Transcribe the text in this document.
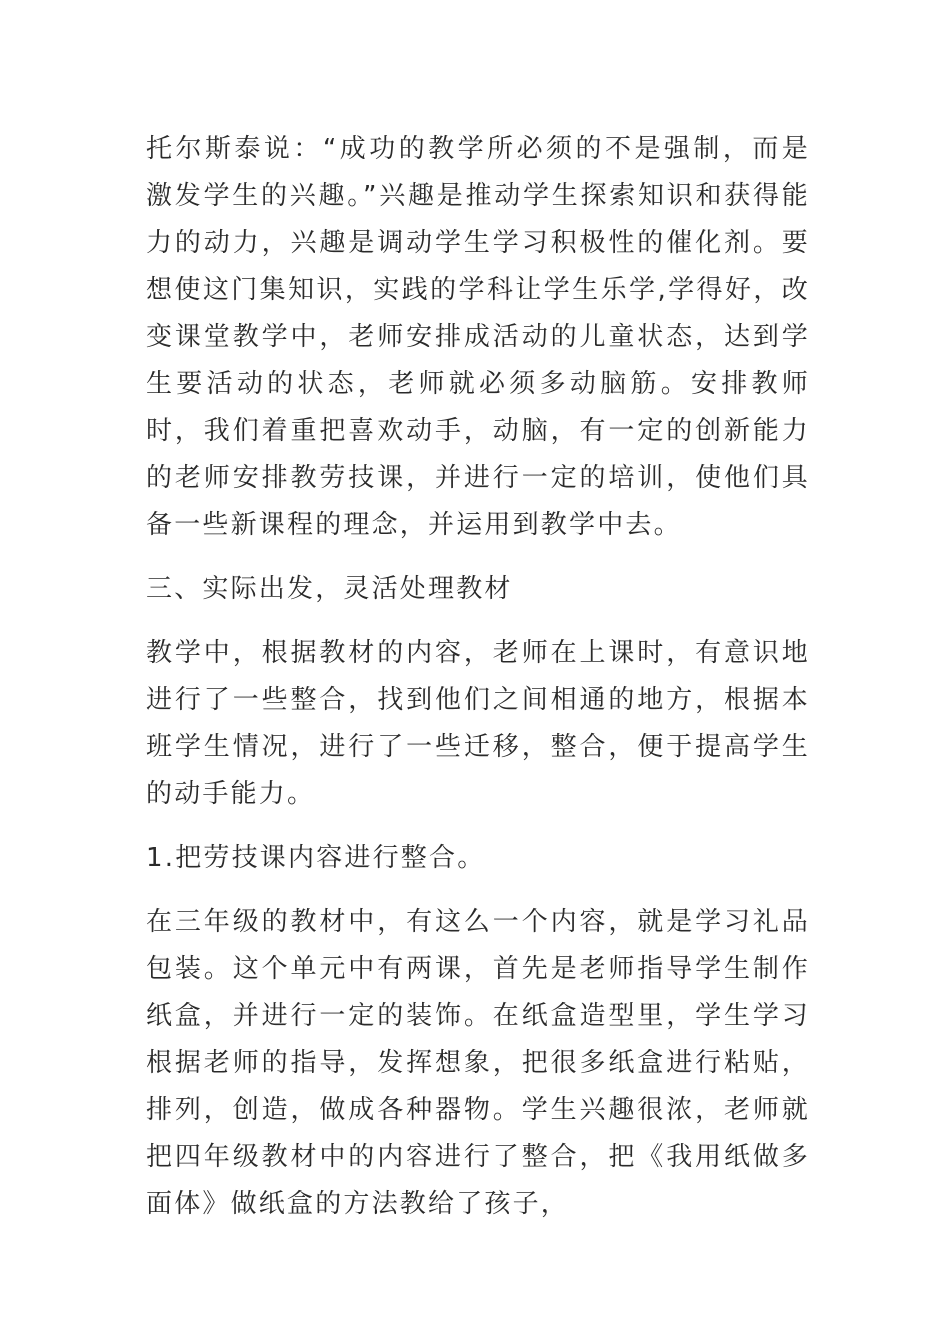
托尔斯泰说：“成功的教学所必须的不是强制，而是激发学生的兴趣。”兴趣是推动学生探索知识和获得能力的动力，兴趣是调动学生学习积极性的催化剂。要想使这门集知识，实践的学科让学生乐学,学得好，改变课堂教学中，老师安排成活动的儿童状态，达到学生要活动的状态，老师就必须多动脑筋。安排教师时，我们着重把喜欢动手，动脑，有一定的创新能力的老师安排教劳技课，并进行一定的培训，使他们具备一些新课程的理念，并运用到教学中去。

三、实际出发，灵活处理教材

教学中，根据教材的内容，老师在上课时，有意识地进行了一些整合，找到他们之间相通的地方，根据本班学生情况，进行了一些迁移，整合，便于提高学生的动手能力。

1.把劳技课内容进行整合。

在三年级的教材中，有这么一个内容，就是学习礼品包装。这个单元中有两课，首先是老师指导学生制作纸盒，并进行一定的装饰。在纸盒造型里，学生学习根据老师的指导，发挥想象，把很多纸盒进行粘贴，排列，创造，做成各种器物。学生兴趣很浓，老师就把四年级教材中的内容进行了整合，把《我用纸做多面体》做纸盒的方法教给了孩子，
